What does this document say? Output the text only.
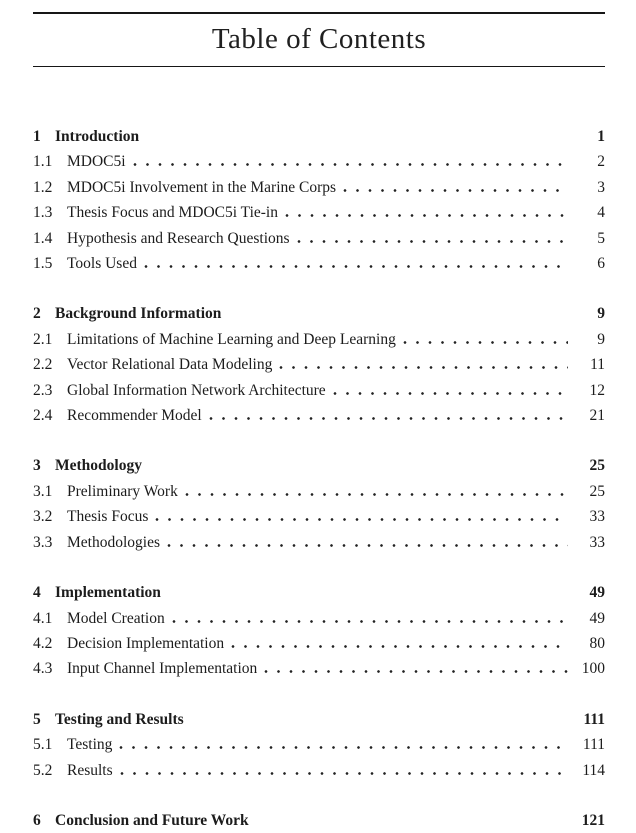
Table of Contents
1 Introduction	1
1.1 MDOC5i	2
1.2 MDOC5i Involvement in the Marine Corps	3
1.3 Thesis Focus and MDOC5i Tie-in	4
1.4 Hypothesis and Research Questions	5
1.5 Tools Used	6
2 Background Information	9
2.1 Limitations of Machine Learning and Deep Learning	9
2.2 Vector Relational Data Modeling	11
2.3 Global Information Network Architecture	12
2.4 Recommender Model	21
3 Methodology	25
3.1 Preliminary Work	25
3.2 Thesis Focus	33
3.3 Methodologies	33
4 Implementation	49
4.1 Model Creation	49
4.2 Decision Implementation	80
4.3 Input Channel Implementation	100
5 Testing and Results	111
5.1 Testing	111
5.2 Results	114
6 Conclusion and Future Work	121
